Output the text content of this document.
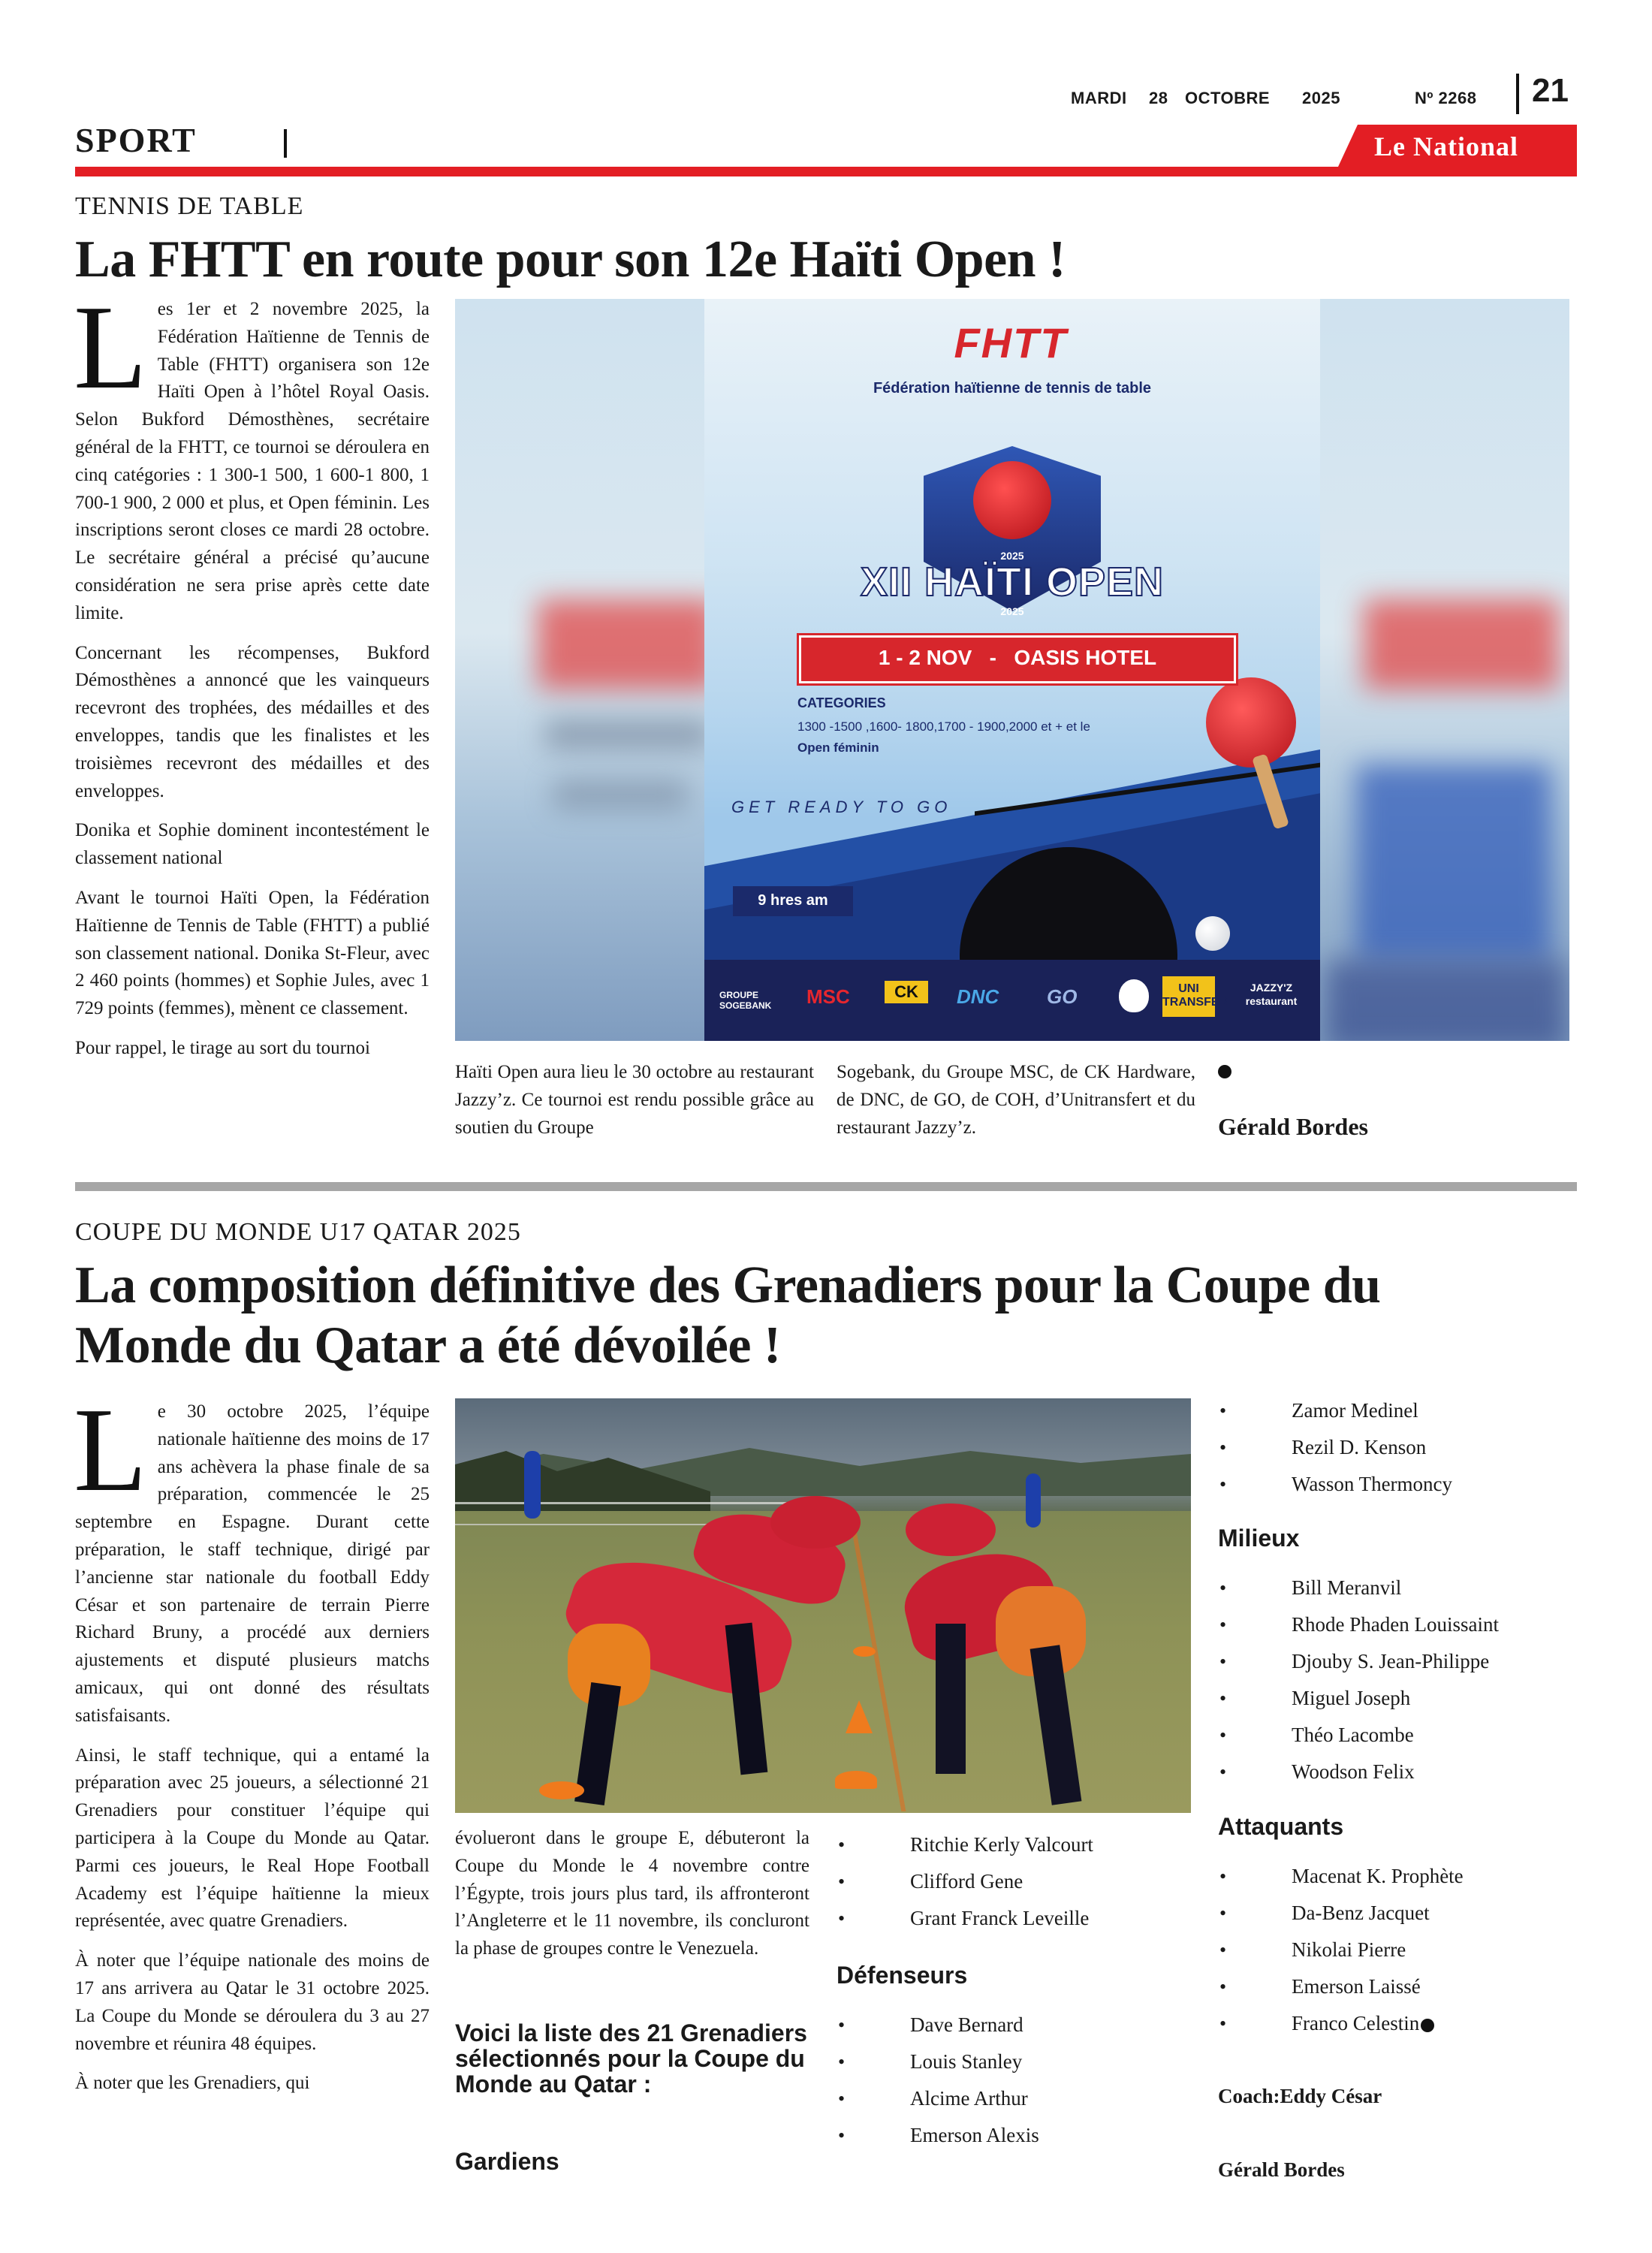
MARDI 28 OCTOBRE 2025	Nº 2268 21
SPORT	Le National
TENNIS DE TABLE
La FHTT en route pour son 12e Haïti Open !
L es 1er et 2 novembre 2025, la Fédération Haïtienne de Tennis de Table (FHTT) organisera son 12e Haïti Open à l’hôtel Royal Oasis. Selon Bukford Démosthènes, secrétaire général de la FHTT, ce tournoi se déroulera en cinq catégories : 1 300-1 500, 1 600-1 800, 1 700-1 900, 2 000 et plus, et Open féminin. Les inscriptions seront closes ce mardi 28 octobre. Le secrétaire général a précisé qu’aucune considération ne sera prise après cette date limite.

Concernant les récompenses, Bukford Démosthènes a annoncé que les vainqueurs recevront des trophées, des médailles et des enveloppes, tandis que les finalistes et les troisièmes recevront des médailles et des enveloppes.

Donika et Sophie dominent incontestément le classement national

Avant le tournoi Haïti Open, la Fédération Haïtienne de Tennis de Table (FHTT) a publié son classement national. Donika St-Fleur, avec 2 460 points (hommes) et Sophie Jules, avec 1 729 points (femmes), mènent ce classement.

Pour rappel, le tirage au sort du tournoi

FHTT
Fédération haïtienne de tennis de table
2025
XII HAÏTI OPEN
2025
1 - 2 NOV   -   OASIS HOTEL
CATEGORIES
1300 -1500 ,1600- 1800,1700 - 1900,2000 et + et le
Open féminin
GET READY TO GO
9 hres am
GROUPE SOGEBANK	MSC	CK	DNC GO	UNI TRANSFER
JAZZY'Z restaurant

Haïti Open aura lieu le 30 octobre au restaurant Jazzy’z. Ce tournoi est rendu possible grâce au soutien du Groupe

Sogebank, du Groupe MSC, de CK Hardware, de DNC, de GO, de COH, d’Unitransfert et du restaurant Jazzy’z.	Gérald Bordes
COUPE DU MONDE U17 QATAR 2025
La composition définitive des Grenadiers pour la Coupe du
Monde du Qatar a été dévoilée !
L e 30 octobre 2025, l’équipe nationale haïtienne des moins de 17 ans achèvera la phase finale de sa préparation, commencée le 25 septembre en Espagne. Durant cette préparation, le staff technique, dirigé par l’ancienne star nationale du football Eddy César et son partenaire de terrain Pierre Richard Bruny, a procédé aux derniers ajustements et disputé plusieurs matchs amicaux, qui ont donné des résultats satisfaisants.

Ainsi, le staff technique, qui a entamé la préparation avec 25 joueurs, a sélectionné 21 Grenadiers pour constituer l’équipe qui participera à la Coupe du Monde au Qatar. Parmi ces joueurs, le Real Hope Football Academy est l’équipe haïtienne la mieux représentée, avec quatre Grenadiers.

À noter que l’équipe nationale des moins de 17 ans arrivera au Qatar le 31 octobre 2025. La Coupe du Monde se déroulera du 3 au 27 novembre et réunira 48 équipes.

À noter que les Grenadiers, qui

évolueront dans le groupe E, débuteront la Coupe du Monde le 4 novembre contre l’Égypte, trois jours plus tard, ils affronteront l’Angleterre et le 11 novembre, ils concluront la phase de groupes contre le Venezuela.

Voici la liste des 21 Grenadiers sélectionnés pour la Coupe du Monde au Qatar :
Gardiens
• Ritchie Kerly Valcourt
• Clifford Gene
• Grant Franck Leveille
Défenseurs
• Dave Bernard
• Louis Stanley
• Alcime Arthur
• Emerson Alexis
• Zamor Medinel
• Rezil D. Kenson
• Wasson Thermoncy
Milieux
• Bill Meranvil
• Rhode Phaden Louissaint
• Djouby S. Jean-Philippe
• Miguel Joseph
• Théo Lacombe
• Woodson Felix
Attaquants
• Macenat K. Prophète
• Da-Benz Jacquet
• Nikolai Pierre
• Emerson Laissé
• Franco Celestin
Coach:Eddy César
Gérald Bordes
